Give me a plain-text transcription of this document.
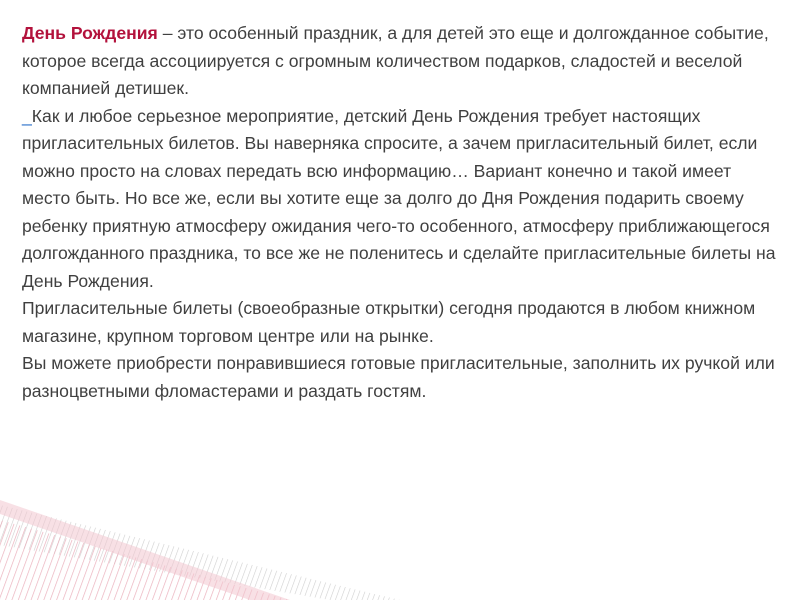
День Рождения – это особенный праздник, а для детей это еще и долгожданное событие, которое всегда ассоциируется с огромным количеством подарков, сладостей и веселой компанией детишек.

_Как и любое серьезное мероприятие, детский День Рождения требует настоящих пригласительных билетов. Вы наверняка спросите, а зачем пригласительный билет, если можно просто на словах передать всю информацию… Вариант конечно и такой имеет место быть. Но все же, если вы хотите еще за долго до Дня Рождения подарить своему ребенку приятную атмосферу ожидания чего-то особенного, атмосферу приближающегося долгожданного праздника, то все же не поленитесь и сделайте пригласительные билеты на День Рождения.

Пригласительные билеты (своеобразные открытки) сегодня продаются в любом книжном магазине, крупном торговом центре или на рынке.

Вы можете приобрести понравившиеся готовые пригласительные, заполнить их ручкой или разноцветными фломастерами и раздать гостям.
